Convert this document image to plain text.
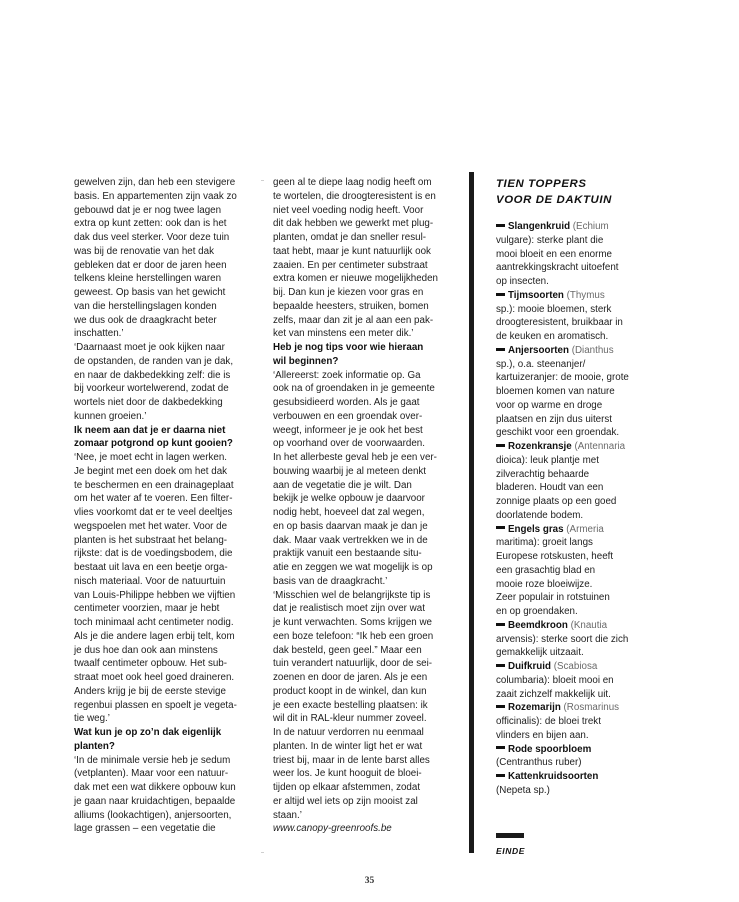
gewelven zijn, dan heb een stevigere

basis. En appartementen zijn vaak zo

gebouwd dat je er nog twee lagen

extra op kunt zetten: ook dan is het

dak dus veel sterker. Voor deze tuin

was bij de renovatie van het dak

gebleken dat er door de jaren heen

telkens kleine herstellingen waren

geweest. Op basis van het gewicht

van die herstellingslagen konden

we dus ook de draagkracht beter

inschatten.’

‘Daarnaast moet je ook kijken naar

de opstanden, de randen van je dak,

en naar de dakbedekking zelf: die is

bij voorkeur wortelwerend, zodat de

wortels niet door de dakbedekking

kunnen groeien.’

Ik neem aan dat je er daarna niet

zomaar potgrond op kunt gooien?

‘Nee, je moet echt in lagen werken.

Je begint met een doek om het dak

te beschermen en een drainageplaat

om het water af te voeren. Een filter-

vlies voorkomt dat er te veel deeltjes

wegspoelen met het water. Voor de

planten is het substraat het belang-

rijkste: dat is de voedingsbodem, die

bestaat uit lava en een beetje orga-

nisch materiaal. Voor de natuurtuin

van Louis-Philippe hebben we vijftien

centimeter voorzien, maar je hebt

toch minimaal acht centimeter nodig.

Als je die andere lagen erbij telt, kom

je dus hoe dan ook aan minstens

twaalf centimeter opbouw. Het sub-

straat moet ook heel goed draineren.

Anders krijg je bij de eerste stevige

regenbui plassen en spoelt je vegeta-

tie weg.’

Wat kun je op zo’n dak eigenlijk

planten?

‘In de minimale versie heb je sedum

(vetplanten). Maar voor een natuur-

dak met een wat dikkere opbouw kun

je gaan naar kruidachtigen, bepaalde

alliums (lookachtigen), anjersoorten,

lage grassen – een vegetatie die

geen al te diepe laag nodig heeft om

te wortelen, die droogteresistent is en

niet veel voeding nodig heeft. Voor

dit dak hebben we gewerkt met plug-

planten, omdat je dan sneller resul-

taat hebt, maar je kunt natuurlijk ook

zaaien. En per centimeter substraat

extra komen er nieuwe mogelijkheden

bij. Dan kun je kiezen voor gras en

bepaalde heesters, struiken, bomen

zelfs, maar dan zit je al aan een pak-

ket van minstens een meter dik.’

Heb je nog tips voor wie hieraan

wil beginnen?

‘Allereerst: zoek informatie op. Ga

ook na of groendaken in je gemeente

gesubsidieerd worden. Als je gaat

verbouwen en een groendak over-

weegt, informeer je je ook het best

op voorhand over de voorwaarden.

In het allerbeste geval heb je een ver-

bouwing waarbij je al meteen denkt

aan de vegetatie die je wilt. Dan

bekijk je welke opbouw je daarvoor

nodig hebt, hoeveel dat zal wegen,

en op basis daarvan maak je dan je

dak. Maar vaak vertrekken we in de

praktijk vanuit een bestaande situ-

atie en zeggen we wat mogelijk is op

basis van de draagkracht.’

‘Misschien wel de belangrijkste tip is

dat je realistisch moet zijn over wat

je kunt verwachten. Soms krijgen we

een boze telefoon: “Ik heb een groen

dak besteld, geen geel.” Maar een

tuin verandert natuurlijk, door de sei-

zoenen en door de jaren. Als je een

product koopt in de winkel, dan kun

je een exacte bestelling plaatsen: ik

wil dit in RAL-kleur nummer zoveel.

In de natuur verdorren nu eenmaal

planten. In de winter ligt het er wat

triest bij, maar in de lente barst alles

weer los. Je kunt hooguit de bloei-

tijden op elkaar afstemmen, zodat

er altijd wel iets op zijn mooist zal

staan.’

www.canopy-greenroofs.be

TIEN TOPPERS
VOOR DE DAKTUIN

Slangenkruid (Echium

vulgare): sterke plant die

mooi bloeit en een enorme

aantrekkingskracht uitoefent

op insecten.

Tijmsoorten (Thymus

sp.): mooie bloemen, sterk

droogteresistent, bruikbaar in

de keuken en aromatisch.

Anjersoorten (Dianthus

sp.), o.a. steenanjer/

kartuizeranjer: de mooie, grote

bloemen komen van nature

voor op warme en droge

plaatsen en zijn dus uiterst

geschikt voor een groendak.

Rozenkransje (Antennaria

dioica): leuk plantje met

zilverachtig behaarde

bladeren. Houdt van een

zonnige plaats op een goed

doorlatende bodem.

Engels gras (Armeria

maritima): groeit langs

Europese rotskusten, heeft

een grasachtig blad en

mooie roze bloeiwijze.

Zeer populair in rotstuinen

en op groendaken.

Beemdkroon (Knautia

arvensis): sterke soort die zich

gemakkelijk uitzaait.

Duifkruid (Scabiosa

columbaria): bloeit mooi en

zaait zichzelf makkelijk uit.

Rozemarijn (Rosmarinus

officinalis): de bloei trekt

vlinders en bijen aan.

Rode spoorbloem

(Centranthus ruber)

Kattenkruidsoorten

(Nepeta sp.)

EINDE
35
